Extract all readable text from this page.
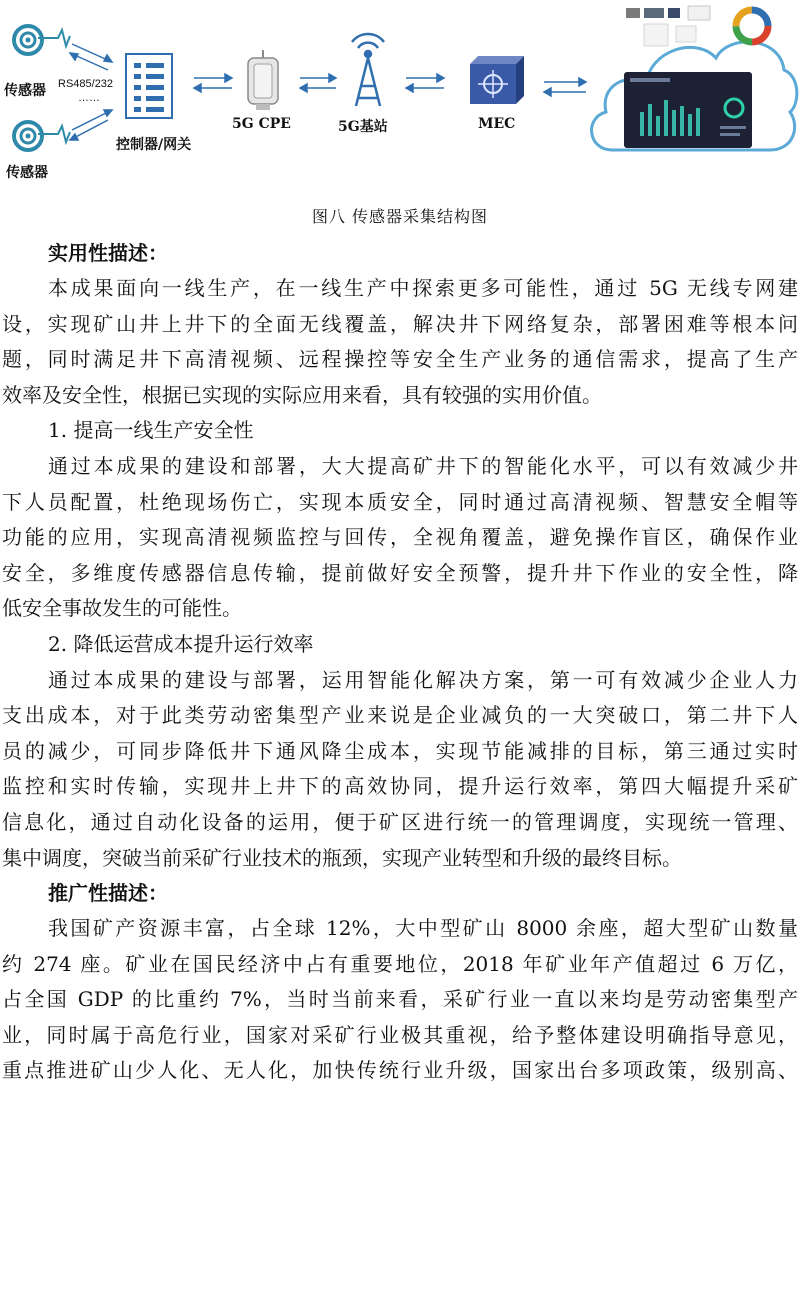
传感器 RS485/232
……
传感器
控制器/网关
5G CPE	5G基站	MEC
图八 传感器采集结构图
实用性描述：
本成果面向一线生产，在一线生产中探索更多可能性，通过 5G 无线专网建
设，实现矿山井上井下的全面无线覆盖，解决井下网络复杂，部署困难等根本问
题，同时满足井下高清视频、远程操控等安全生产业务的通信需求，提高了生产
效率及安全性，根据已实现的实际应用来看，具有较强的实用价值。
1. 提高一线生产安全性
通过本成果的建设和部署，大大提高矿井下的智能化水平，可以有效减少井
下人员配置，杜绝现场伤亡，实现本质安全，同时通过高清视频、智慧安全帽等
功能的应用，实现高清视频监控与回传，全视角覆盖，避免操作盲区，确保作业
安全，多维度传感器信息传输，提前做好安全预警，提升井下作业的安全性，降
低安全事故发生的可能性。
2. 降低运营成本提升运行效率
通过本成果的建设与部署，运用智能化解决方案，第一可有效减少企业人力
支出成本，对于此类劳动密集型产业来说是企业减负的一大突破口，第二井下人
员的减少，可同步降低井下通风降尘成本，实现节能减排的目标，第三通过实时
监控和实时传输，实现井上井下的高效协同，提升运行效率，第四大幅提升采矿
信息化，通过自动化设备的运用，便于矿区进行统一的管理调度，实现统一管理、
集中调度，突破当前采矿行业技术的瓶颈，实现产业转型和升级的最终目标。
推广性描述：
我国矿产资源丰富，占全球 12%，大中型矿山 8000 余座，超大型矿山数量
约 274 座。矿业在国民经济中占有重要地位，2018 年矿业年产值超过 6 万亿，
占全国 GDP 的比重约 7%，当时当前来看，采矿行业一直以来均是劳动密集型产
业，同时属于高危行业，国家对采矿行业极其重视，给予整体建设明确指导意见，
重点推进矿山少人化、无人化，加快传统行业升级，国家出台多项政策，级别高、
